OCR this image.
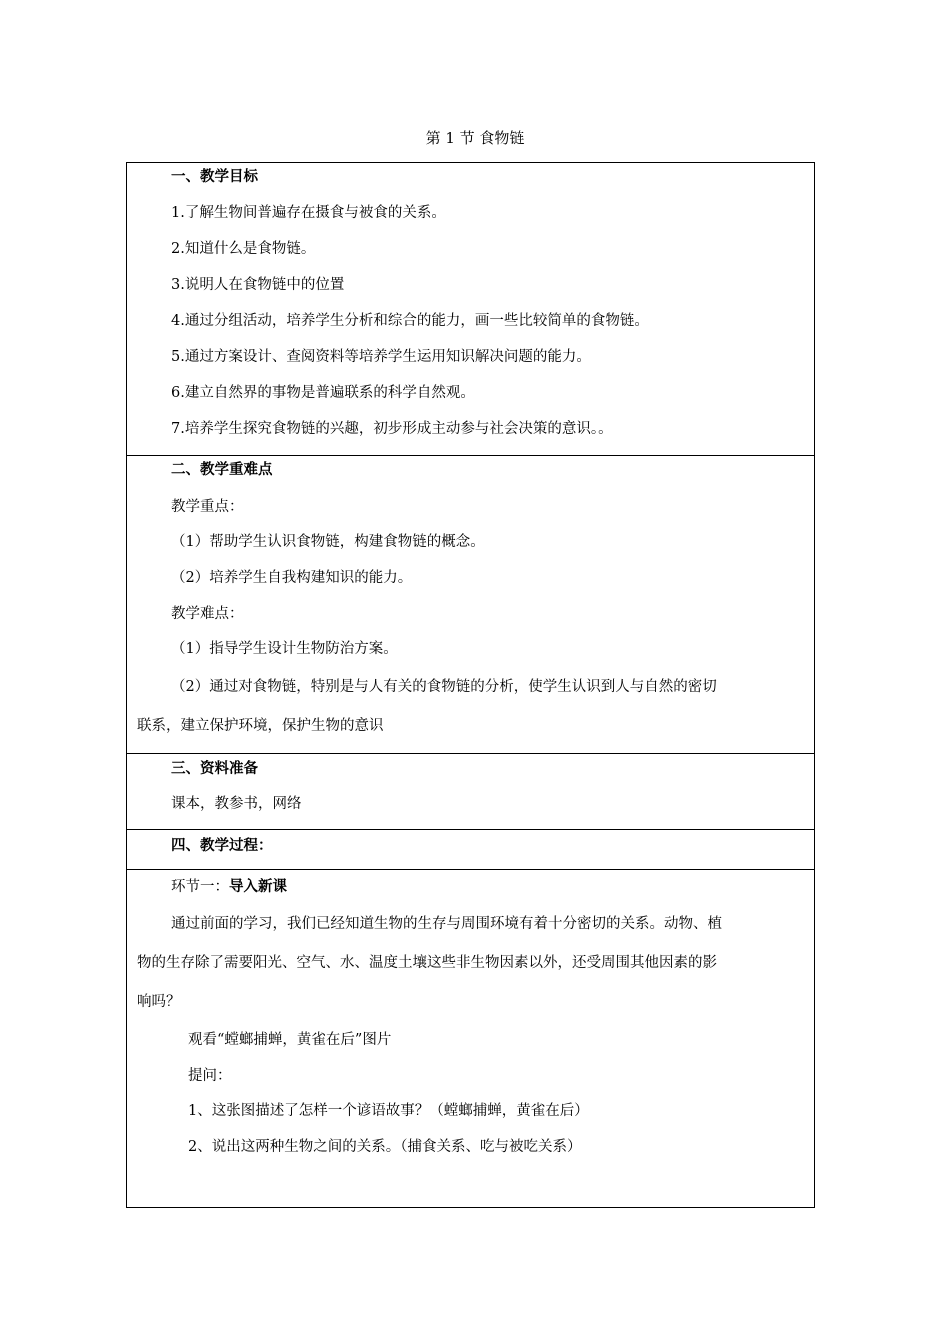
第 1 节 食物链
一、教学目标
1.了解生物间普遍存在摄食与被食的关系。
2.知道什么是食物链。
3.说明人在食物链中的位置
4.通过分组活动，培养学生分析和综合的能力，画一些比较简单的食物链。
5.通过方案设计、查阅资料等培养学生运用知识解决问题的能力。
6.建立自然界的事物是普遍联系的科学自然观。
7.培养学生探究食物链的兴趣，初步形成主动参与社会决策的意识。。
二、教学重难点
教学重点：
（1）帮助学生认识食物链，构建食物链的概念。
（2）培养学生自我构建知识的能力。
教学难点：
（1）指导学生设计生物防治方案。
（2）通过对食物链，特别是与人有关的食物链的分析，使学生认识到人与自然的密切
联系，建立保护环境，保护生物的意识
三、资料准备
课本，教参书，网络
四、教学过程：
环节一：导入新课
通过前面的学习，我们已经知道生物的生存与周围环境有着十分密切的关系。动物、植
物的生存除了需要阳光、空气、水、温度土壤这些非生物因素以外，还受周围其他因素的影
响吗？
观看“螳螂捕蝉，黄雀在后”图片
提问：
1、这张图描述了怎样一个谚语故事？（螳螂捕蝉，黄雀在后）
2、说出这两种生物之间的关系。（捕食关系、吃与被吃关系）
